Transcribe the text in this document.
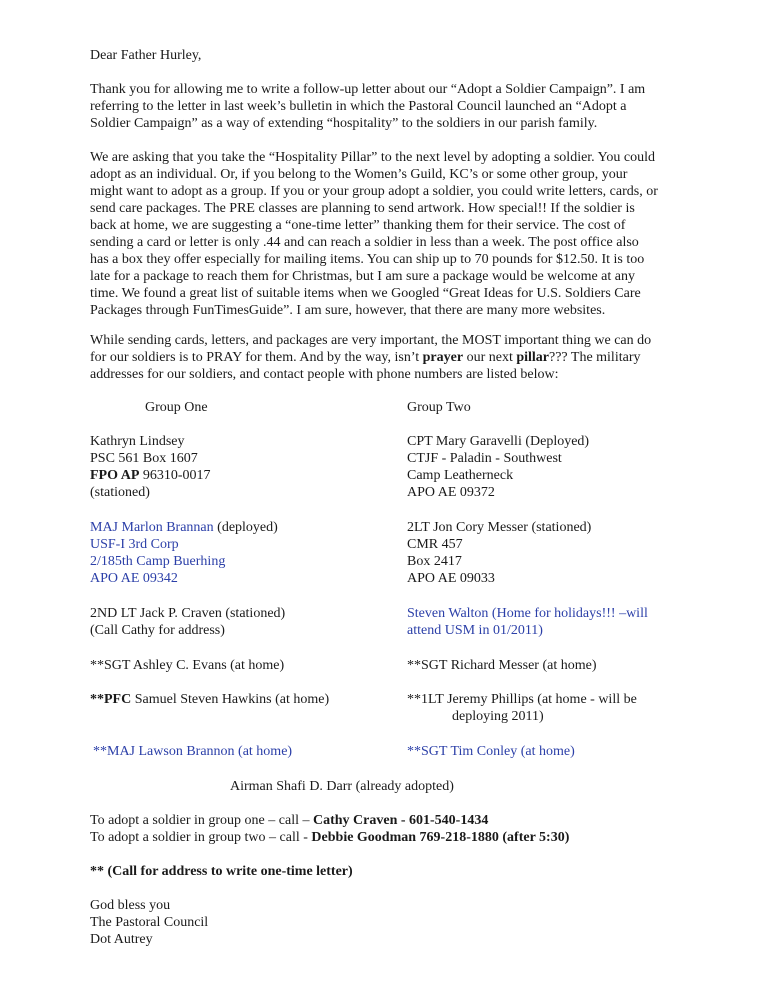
Dear Father Hurley,
Thank you for allowing me to write a follow-up letter about our “Adopt a Soldier Campaign”. I am
referring to the letter in last week’s bulletin in which the Pastoral Council launched an “Adopt a
Soldier Campaign” as a way of extending “hospitality” to the soldiers in our parish family.
We are asking that you take the “Hospitality Pillar” to the next level by adopting a soldier. You could
adopt as an individual. Or, if you belong to the Women’s Guild, KC’s or some other group, your
might want to adopt as a group. If you or your group adopt a soldier, you could write letters, cards, or
send care packages. The PRE classes are planning to send artwork. How special!! If the soldier is
back at home, we are suggesting a “one-time letter” thanking them for their service. The cost of
sending a card or letter is only .44 and can reach a soldier in less than a week. The post office also
has a box they offer especially for mailing items. You can ship up to 70 pounds for $12.50. It is too
late for a package to reach them for Christmas, but I am sure a package would be welcome at any
time. We found a great list of suitable items when we Googled “Great Ideas for U.S. Soldiers Care
Packages through FunTimesGuide”. I am sure, however, that there are many more websites.
While sending cards, letters, and packages are very important, the MOST important thing we can do
for our soldiers is to PRAY for them. And by the way, isn’t prayer our next pillar??? The military
addresses for our soldiers, and contact people with phone numbers are listed below:
Group One	Group Two
Kathryn Lindsey
PSC 561 Box 1607
FPO AP 96310-0017
(stationed)
MAJ Marlon Brannan (deployed)
USF-I 3rd Corp
2/185th Camp Buerhing
APO AE 09342
2ND LT Jack P. Craven (stationed)
(Call Cathy for address)
**SGT Ashley C. Evans (at home)
**PFC Samuel Steven Hawkins (at home)
**MAJ Lawson Brannon (at home)
CPT Mary Garavelli (Deployed)
CTJF - Paladin - Southwest
Camp Leatherneck
APO AE 09372
2LT Jon Cory Messer (stationed)
CMR 457
Box 2417
APO AE 09033
Steven Walton (Home for holidays!!! –will
attend USM in 01/2011)
**SGT Richard Messer (at home)
**1LT Jeremy Phillips (at home - will be
deploying 2011)
**SGT Tim Conley (at home)
Airman Shafi D. Darr (already adopted)
To adopt a soldier in group one – call – Cathy Craven - 601-540-1434
To adopt a soldier in group two – call - Debbie Goodman 769-218-1880 (after 5:30)
** (Call for address to write one-time letter)
God bless you
The Pastoral Council
Dot Autrey
